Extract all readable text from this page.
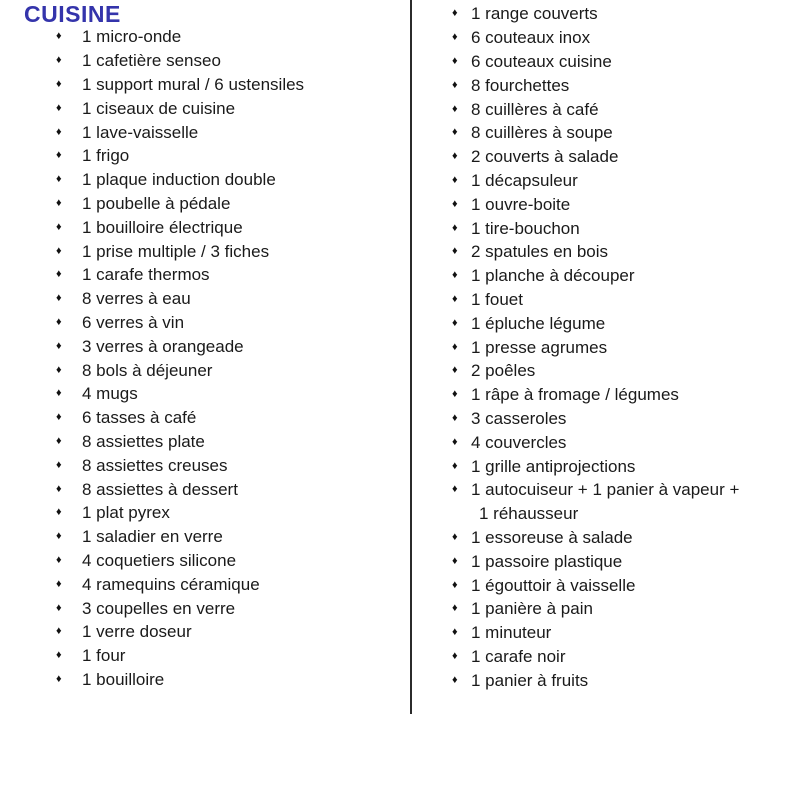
CUISINE
♦	1 micro-onde
♦	1 cafetière senseo
♦	1 support mural / 6 ustensiles
♦	1 ciseaux de cuisine
♦	1 lave-vaisselle
♦	1 frigo
♦	1 plaque induction double
♦	1 poubelle à pédale
♦	1 bouilloire électrique
♦	1 prise multiple / 3 fiches
♦	1 carafe thermos
♦	8 verres à eau
♦	6 verres à vin
♦	3 verres à orangeade
♦	8 bols à déjeuner
♦	4 mugs
♦	6 tasses à café
♦	8 assiettes plate
♦	8 assiettes creuses
♦	8 assiettes à dessert
♦	1 plat pyrex
♦	1 saladier en verre
♦	4 coquetiers silicone
♦	4 ramequins céramique
♦	3 coupelles en verre
♦	1 verre doseur
♦	1 four
♦	1 bouilloire
♦ 1 range couverts
♦ 6 couteaux inox
♦ 6 couteaux cuisine
♦ 8 fourchettes
♦ 8 cuillères à café
♦ 8 cuillères à soupe
♦ 2 couverts à salade
♦ 1 décapsuleur
♦ 1 ouvre-boite
♦ 1 tire-bouchon
♦ 2 spatules en bois
♦ 1 planche à découper
♦ 1 fouet
♦ 1 épluche légume
♦ 1 presse agrumes
♦ 2 poêles
♦ 1 râpe à fromage / légumes
♦ 3 casseroles
♦ 4 couvercles
♦ 1 grille antiprojections
♦ 1 autocuiseur + 1 panier à vapeur +
1 réhausseur
♦ 1 essoreuse à salade
♦ 1 passoire plastique
♦ 1 égouttoir à vaisselle
♦ 1 panière à pain
♦ 1 minuteur
♦ 1 carafe noir
♦ 1 panier à fruits
